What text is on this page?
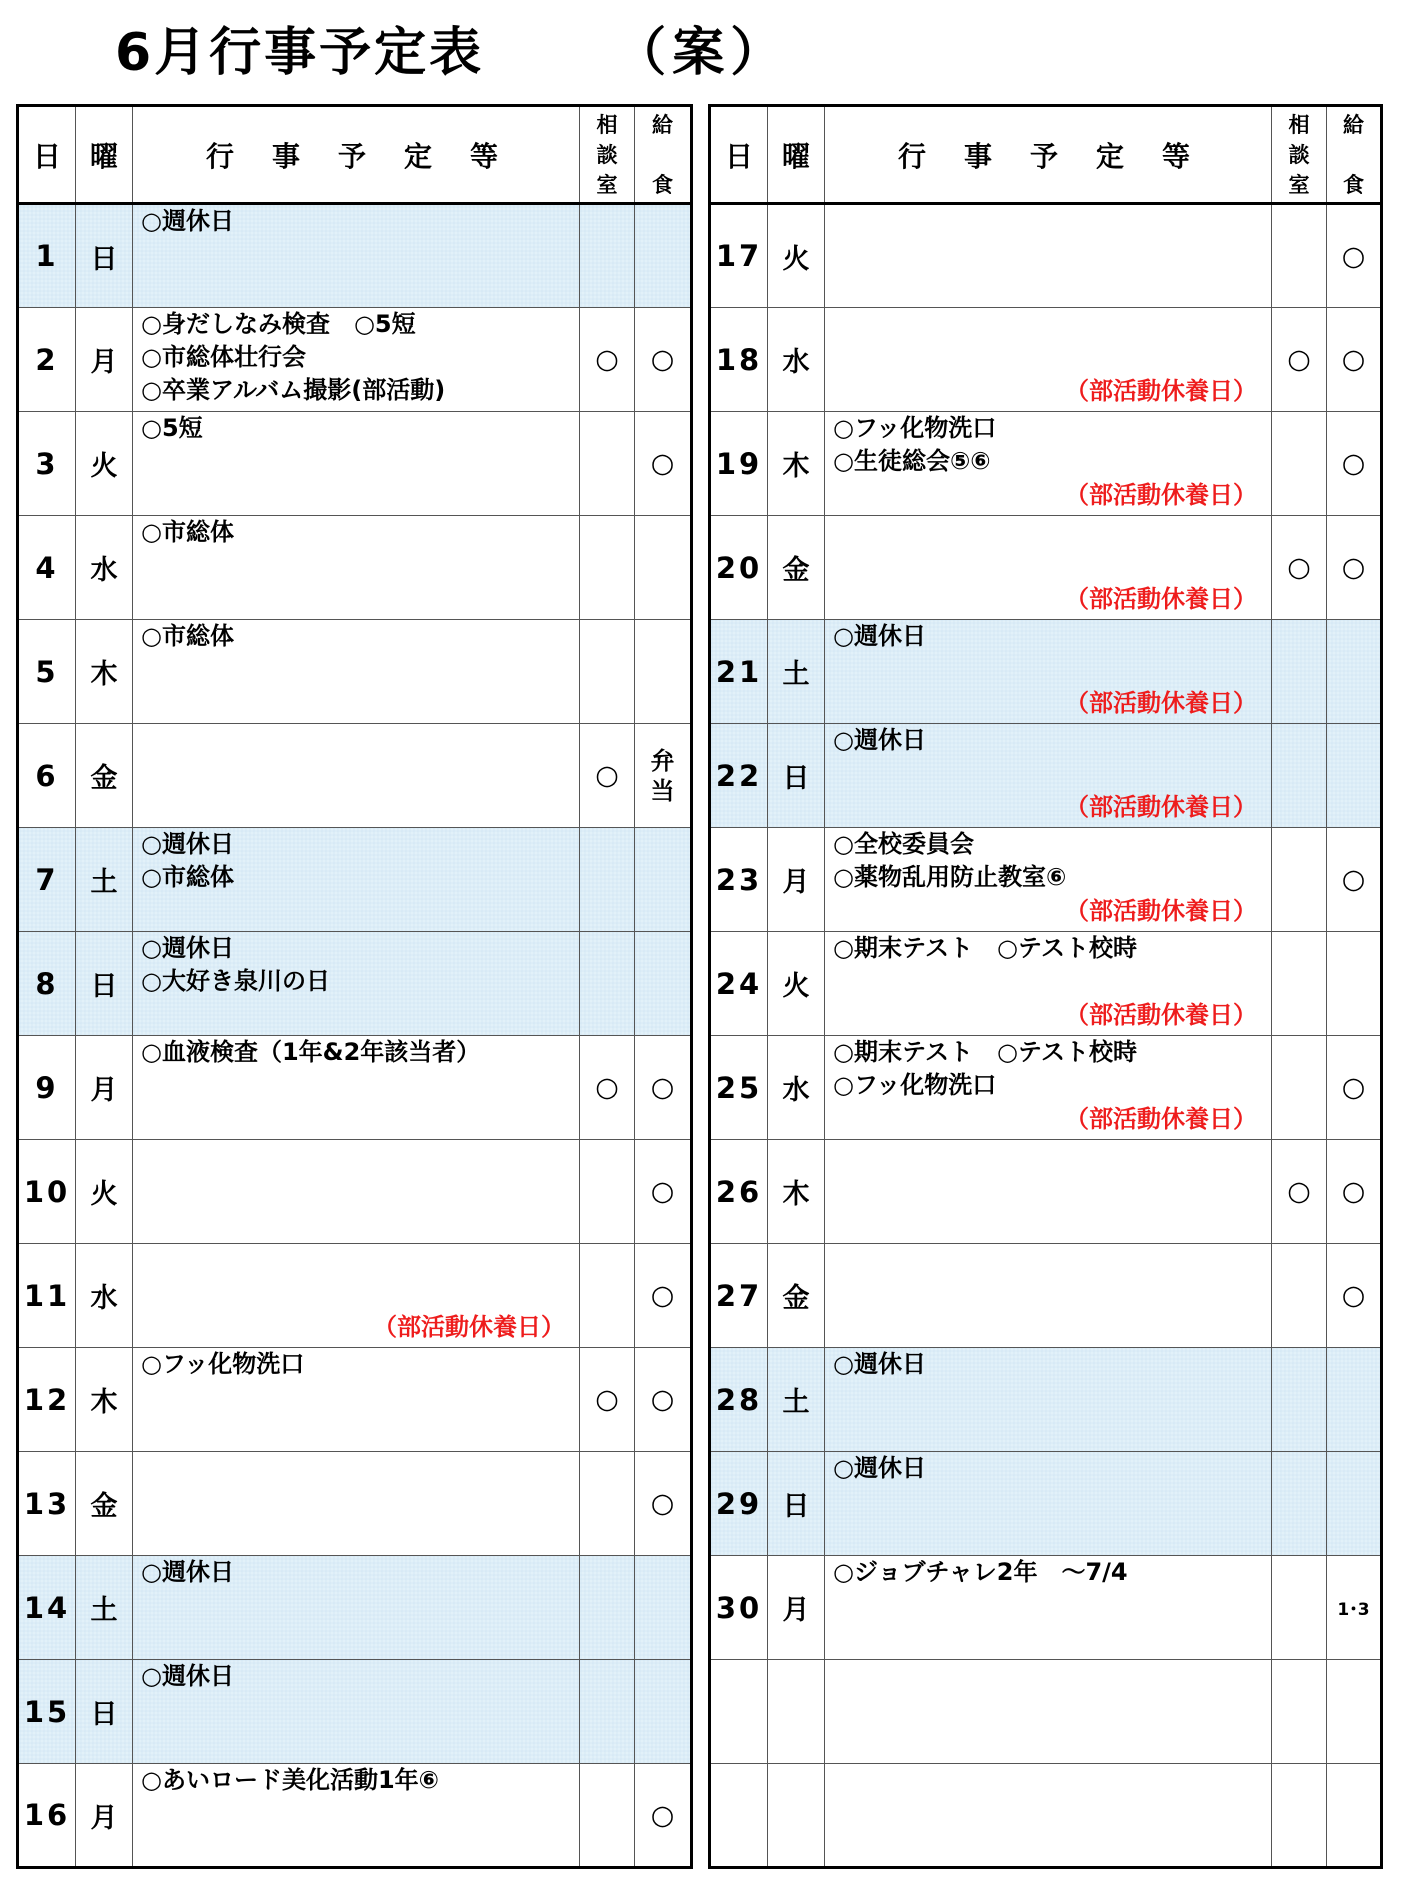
6月行事予定表	（案）
日	曜	行事予定等	相
談
室	給

食
1	日	○週休日		

2	月	○身だしなみ検査　○5短
○市総体壮行会
○卒業アルバム撮影(部活動)	○	○
3	火	○5短		○
4	水	○市総体		

5	木	○市総体		

6	金		○	弁
当
7	土	○週休日
○市総体		

8	日	○週休日
○大好き泉川の日		

9	月	○血液検査（1年&2年該当者）	○	○
10	火			○
11	水	（部活動休養日）		○
12	木	○フッ化物洗口	○	○
13	金			○
14	土	○週休日		

15	日	○週休日		

16	月	○あいロード美化活動1年⑥		○
日	曜	行事予定等	相
談
室	給

食
17	火			○
18	水	（部活動休養日）	○	○
19	木	○フッ化物洗口
○生徒総会⑤⑥
（部活動休養日）		○
20	金	（部活動休養日）	○	○
21	土	○週休日
（部活動休養日）		

22	日	○週休日
（部活動休養日）		

23	月	○全校委員会
○薬物乱用防止教室⑥
（部活動休養日）		○
24	火	○期末テスト　○テスト校時
（部活動休養日）		

25	水	○期末テスト　○テスト校時
○フッ化物洗口
（部活動休養日）		○
26	木		○	○
27	金			○
28	土	○週休日		

29	日	○週休日		

30	月	○ジョブチャレ2年　～7/4		1･3
